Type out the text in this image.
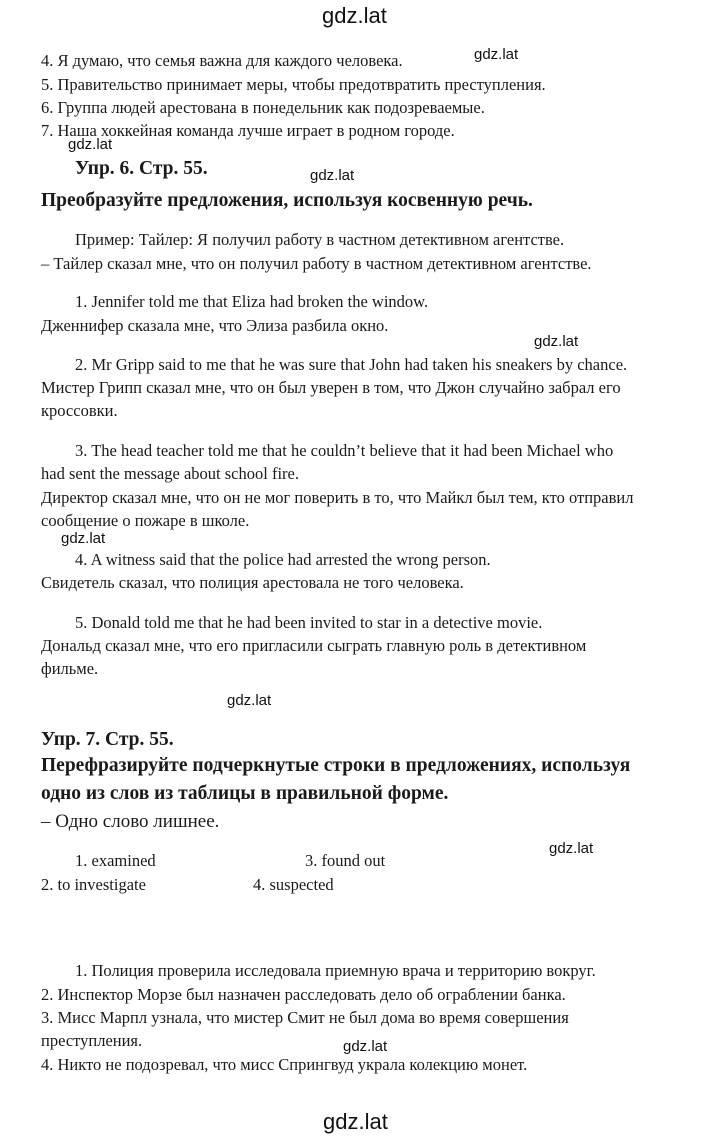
gdz.lat
gdz.lat
gdz.lat
gdz.lat
gdz.lat
gdz.lat
gdz.lat
gdz.lat
gdz.lat
gdz.lat
4. Я думаю, что семья важна для каждого человека.
5. Правительство принимает меры, чтобы предотвратить преступления.
6. Группа людей арестована в понедельник как подозреваемые.
7. Наша хоккейная команда лучше играет в родном городе.
Упр. 6. Стр. 55.
Преобразуйте предложения, используя косвенную речь.
Пример: Тайлер: Я получил работу в частном детективном агентстве.
– Тайлер сказал мне, что он получил работу в частном детективном агентстве.
1. Jennifer told me that Eliza had broken the window.
Дженнифер сказала мне, что Элиза разбила окно.
2. Mr Gripp said to me that he was sure that John had taken his sneakers by chance.
Мистер Грипп сказал мне, что он был уверен в том, что Джон случайно забрал его
кроссовки.
3. The head teacher told me that he couldn’t believe that it had been Michael who
had sent the message about school fire.
Директор сказал мне, что он не мог поверить в то, что Майкл был тем, кто отправил
сообщение о пожаре в школе.
4. A witness said that the police had arrested the wrong person.
Свидетель сказал, что полиция арестовала не того человека.
5. Donald told me that he had been invited to star in a detective movie.
Дональд сказал мне, что его пригласили сыграть главную роль в детективном
фильме.
Упр. 7. Стр. 55.
Перефразируйте подчеркнутые строки в предложениях, используя
одно из слов из таблицы в правильной форме.
– Одно слово лишнее.
1. examined	3. found out
2. to investigate	4. suspected
1. Полиция проверила исследовала приемную врача и территорию вокруг.
2. Инспектор Морзе был назначен расследовать дело об ограблении банка.
3. Мисс Марпл узнала, что мистер Смит не был дома во время совершения
преступления.
4. Никто не подозревал, что мисс Спрингвуд украла колекцию монет.
